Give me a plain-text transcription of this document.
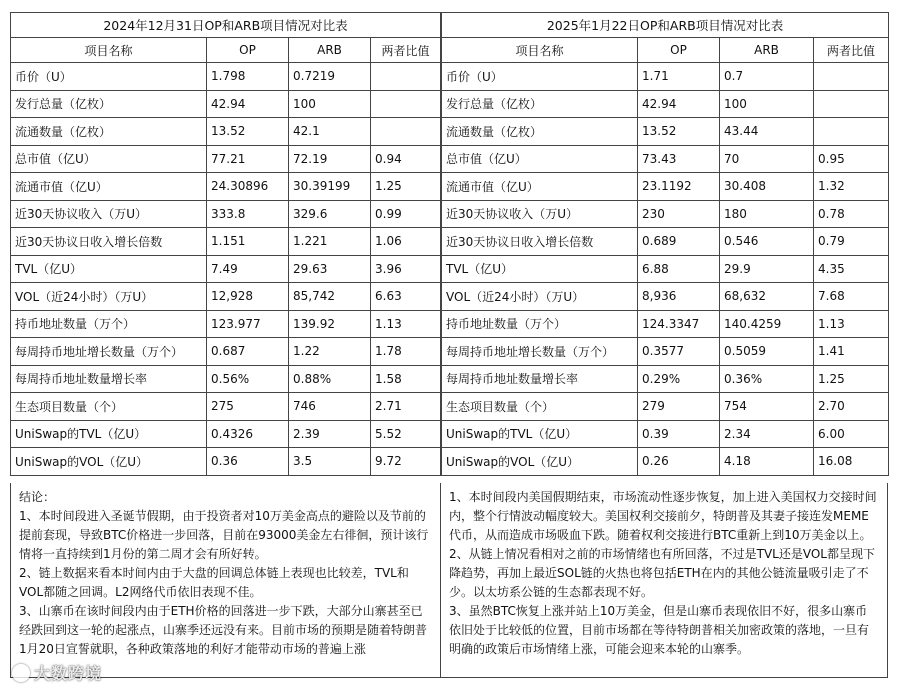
2024年12月31日OP和ARB项目情况对比表			
项目名称	OP	ARB	两者比值
币价（U）	1.798	0.7219	
发行总量（亿枚）	42.94	100	
流通数量（亿枚）	13.52	42.1	
总市值（亿U）	77.21	72.19	0.94
流通市值（亿U）	24.30896	30.39199	1.25
近30天协议收入（万U）	333.8	329.6	0.99
近30天协议日收入增长倍数	1.151	1.221	1.06
TVL（亿U）	7.49	29.63	3.96
VOL（近24小时）（万U）	12,928	85,742	6.63
持币地址数量（万个）	123.977	139.92	1.13
每周持币地址增长数量（万个）	0.687	1.22	1.78
每周持币地址数量增长率	0.56%	0.88%	1.58
生态项目数量（个）	275	746	2.71
UniSwap的TVL（亿U）	0.4326	2.39	5.52
UniSwap的VOL（亿U）	0.36	3.5	9.72
2025年1月22日OP和ARB项目情况对比表			
项目名称	OP	ARB	两者比值
币价（U）	1.71	0.7	
发行总量（亿枚）	42.94	100	
流通数量（亿枚）	13.52	43.44	
总市值（亿U）	73.43	70	0.95
流通市值（亿U）	23.1192	30.408	1.32
近30天协议收入（万U）	230	180	0.78
近30天协议日收入增长倍数	0.689	0.546	0.79
TVL（亿U）	6.88	29.9	4.35
VOL（近24小时）（万U）	8,936	68,632	7.68
持币地址数量（万个）	124.3347	140.4259	1.13
每周持币地址增长数量（万个）	0.3577	0.5059	1.41
每周持币地址数量增长率	0.29%	0.36%	1.25
生态项目数量（个）	279	754	2.70
UniSwap的TVL（亿U）	0.39	2.34	6.00
UniSwap的VOL（亿U）	0.26	4.18	16.08

结论：

1、本时间段进入圣诞节假期，由于投资者对10万美金高点的避险以及节前的提前套现，导致BTC价格进一步回落，目前在93000美金左右徘徊，预计该行情将一直持续到1月份的第二周才会有所好转。

2、链上数据来看本时间内由于大盘的回调总体链上表现也比较差，TVL和VOL都随之回调。L2网络代币依旧表现不佳。

3、山寨币在该时间段内由于ETH价格的回落进一步下跌，大部分山寨甚至已经跌回到这一轮的起涨点，山寨季还远没有来。目前市场的预期是随着特朗普1月20日宣誓就职，各种政策落地的利好才能带动市场的普遍上涨

1、本时间段内美国假期结束，市场流动性逐步恢复，加上进入美国权力交接时间内，整个行情波动幅度较大。美国权利交接前夕，特朗普及其妻子接连发MEME代币，从而造成市场吸血下跌。随着权利交接进行BTC重新上到10万美金以上。

2、从链上情况看相对之前的市场情绪也有所回落，不过是TVL还是VOL都呈现下降趋势，再加上最近SOL链的火热也将包括ETH在内的其他公链流量吸引走了不少。以太坊系公链的生态都表现不好。

3、虽然BTC恢复上涨并站上10万美金，但是山寨币表现依旧不好，很多山寨币依旧处于比较低的位置，目前市场都在等待特朗普相关加密政策的落地，一旦有明确的政策后市场情绪上涨，可能会迎来本轮的山寨季。

大数跨境
